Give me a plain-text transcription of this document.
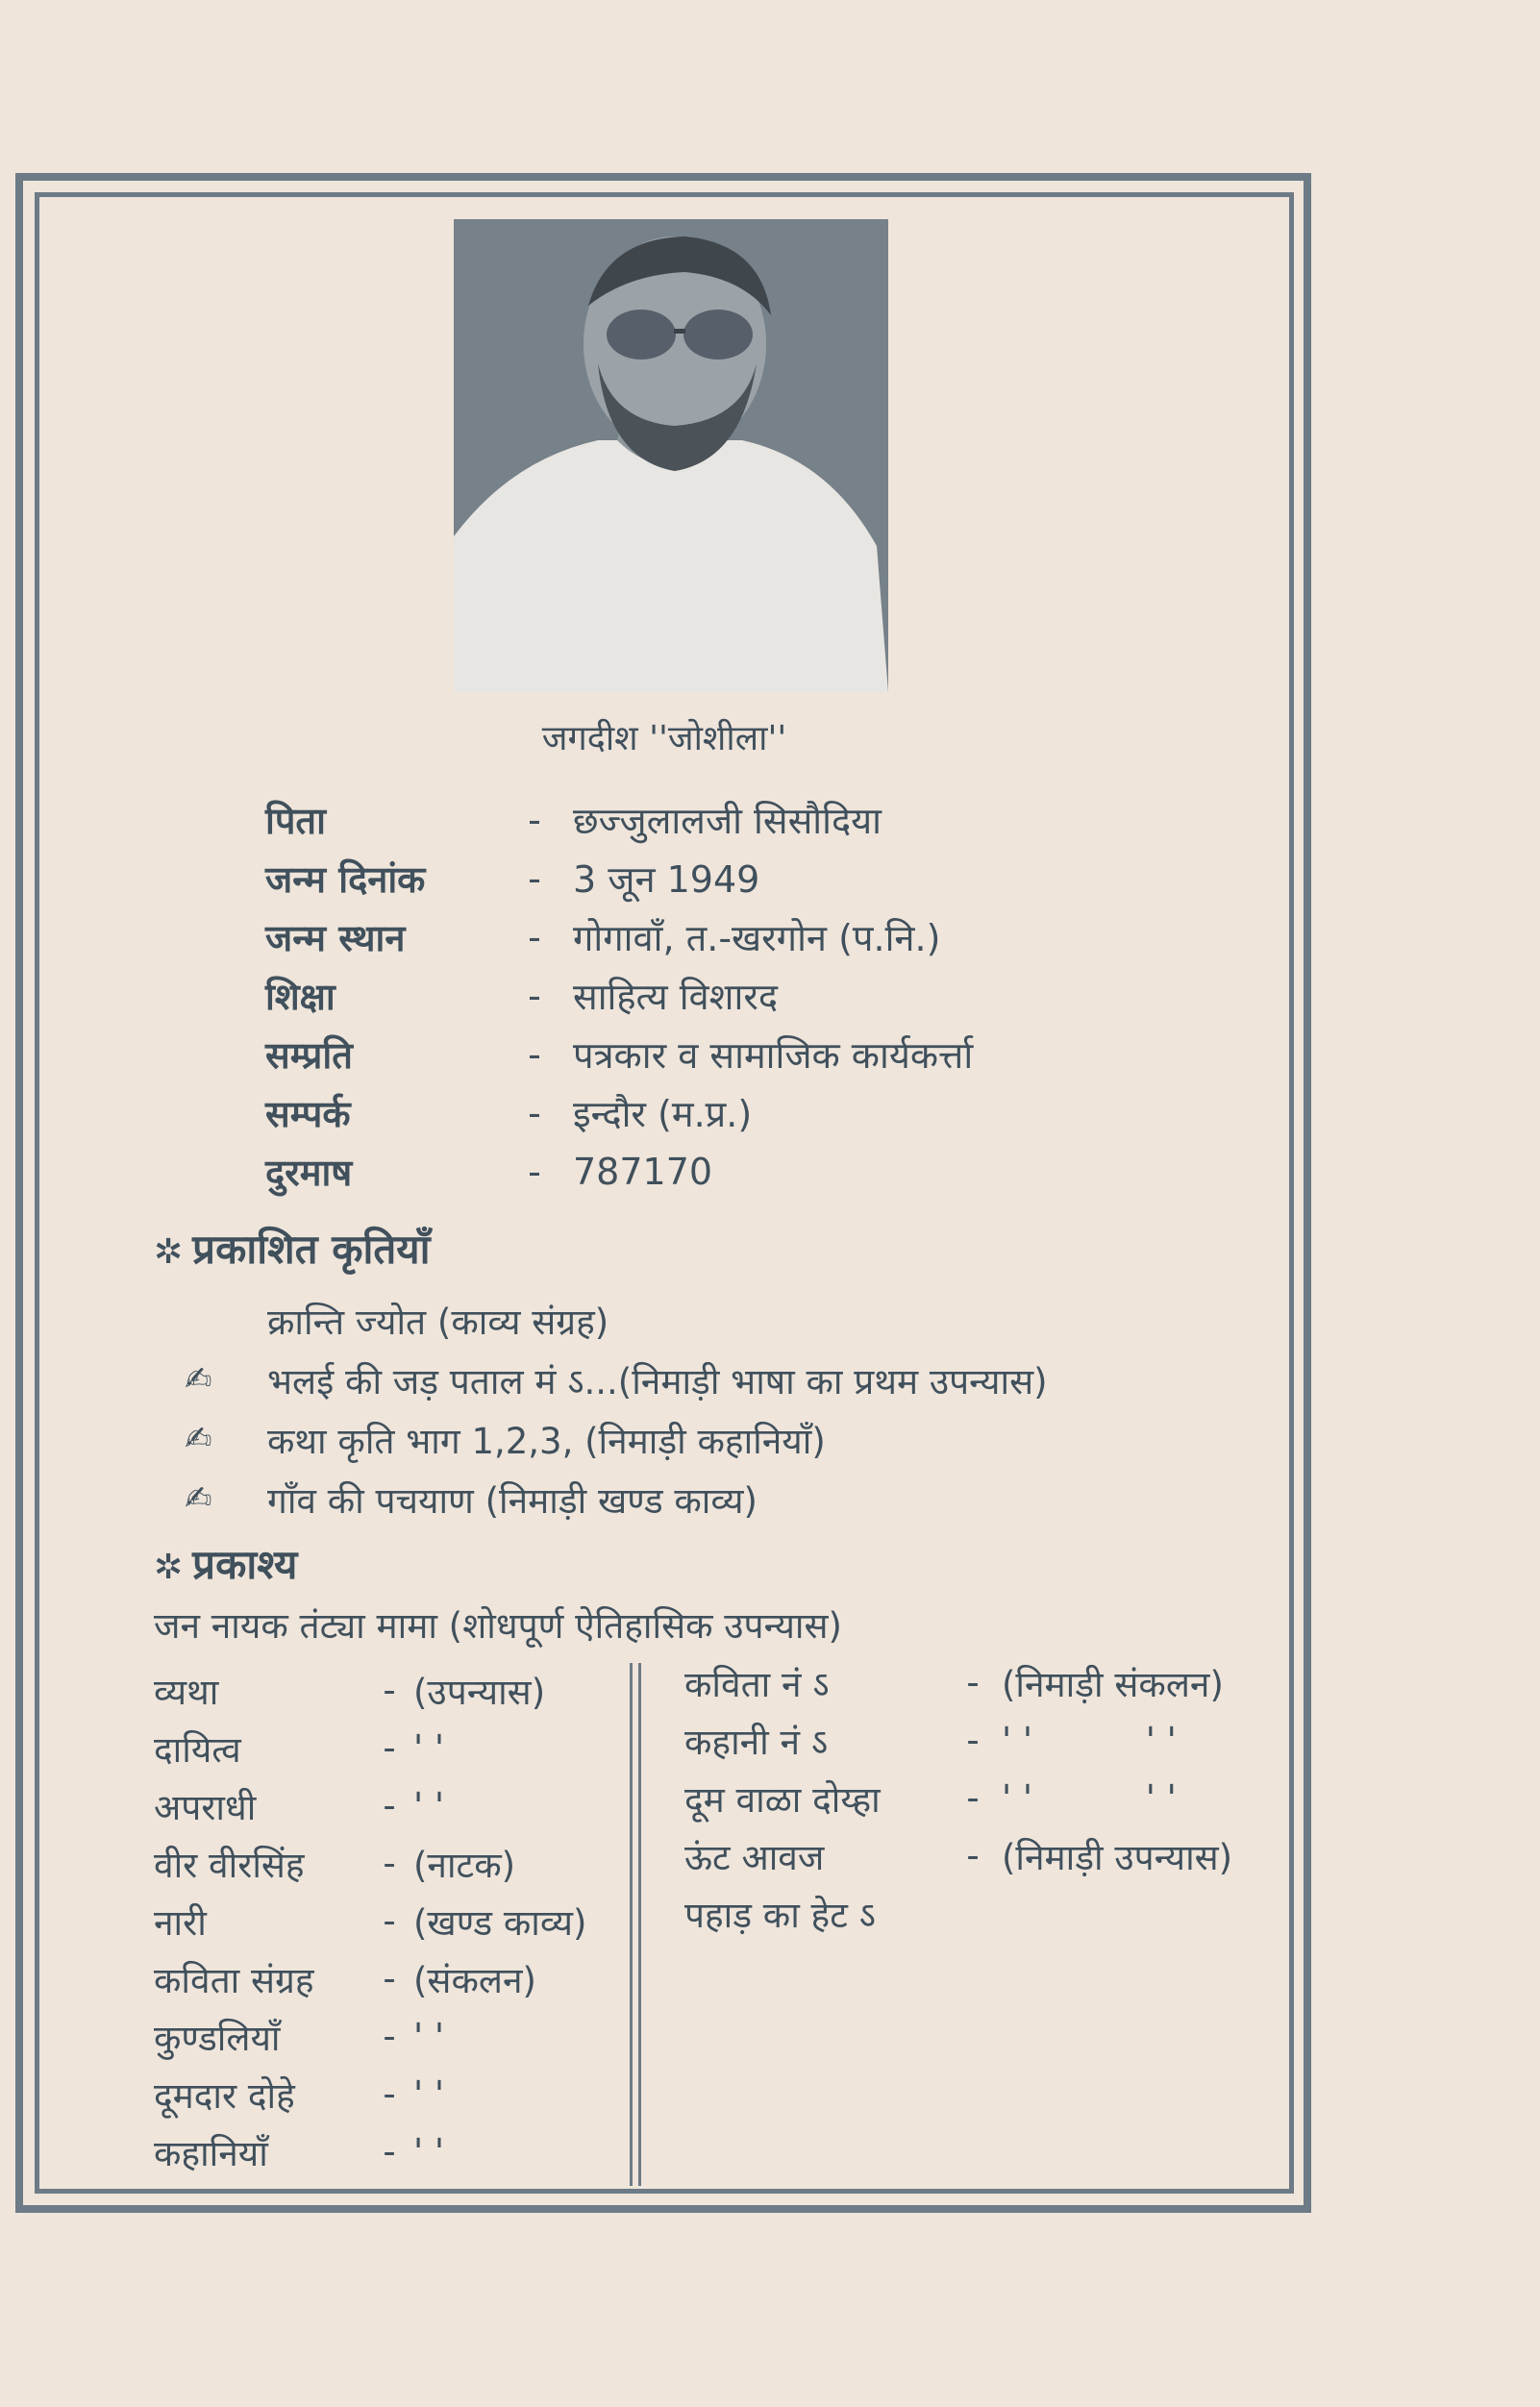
जगदीश ''जोशीला''
पिता	- छज्जुलालजी सिसौदिया
जन्म दिनांक	- 3 जून 1949
जन्म स्थान	- गोगावाँ, त.-खरगोन (प.नि.)
शिक्षा	- साहित्य विशारद
सम्प्रति	- पत्रकार व सामाजिक कार्यकर्त्ता
सम्पर्क	- इन्दौर (म.प्र.)
दुरमाष	- 787170
✲ प्रकाशित कृतियाँ
क्रान्ति ज्योत (काव्य संग्रह)
✍	भलई की जड़ पताल मं ऽ...(निमाड़ी भाषा का प्रथम उपन्यास)
✍	कथा कृति भाग 1,2,3, (निमाड़ी कहानियाँ)
✍	गाँव की पचयाण (निमाड़ी खण्ड काव्य)
✲ प्रकाश्य
जन नायक तंट्या मामा (शोधपूर्ण ऐतिहासिक उपन्यास)
व्यथा	- (उपन्यास)
दायित्व	- ' '
अपराधी	- ' '
वीर वीरसिंह	- (नाटक)
नारी	- (खण्ड काव्य)
कविता संग्रह	- (संकलन)
कुण्डलियाँ	- ' '
दूमदार दोहे	- ' '
कहानियाँ	- ' '
कविता नं ऽ	- (निमाड़ी संकलन)
कहानी नं ऽ	- ' '          ' '
दूम वाळा दोय्हा	- ' '          ' '
ऊंट आवज	- (निमाड़ी उपन्यास)
पहाड़ का हेट ऽ
